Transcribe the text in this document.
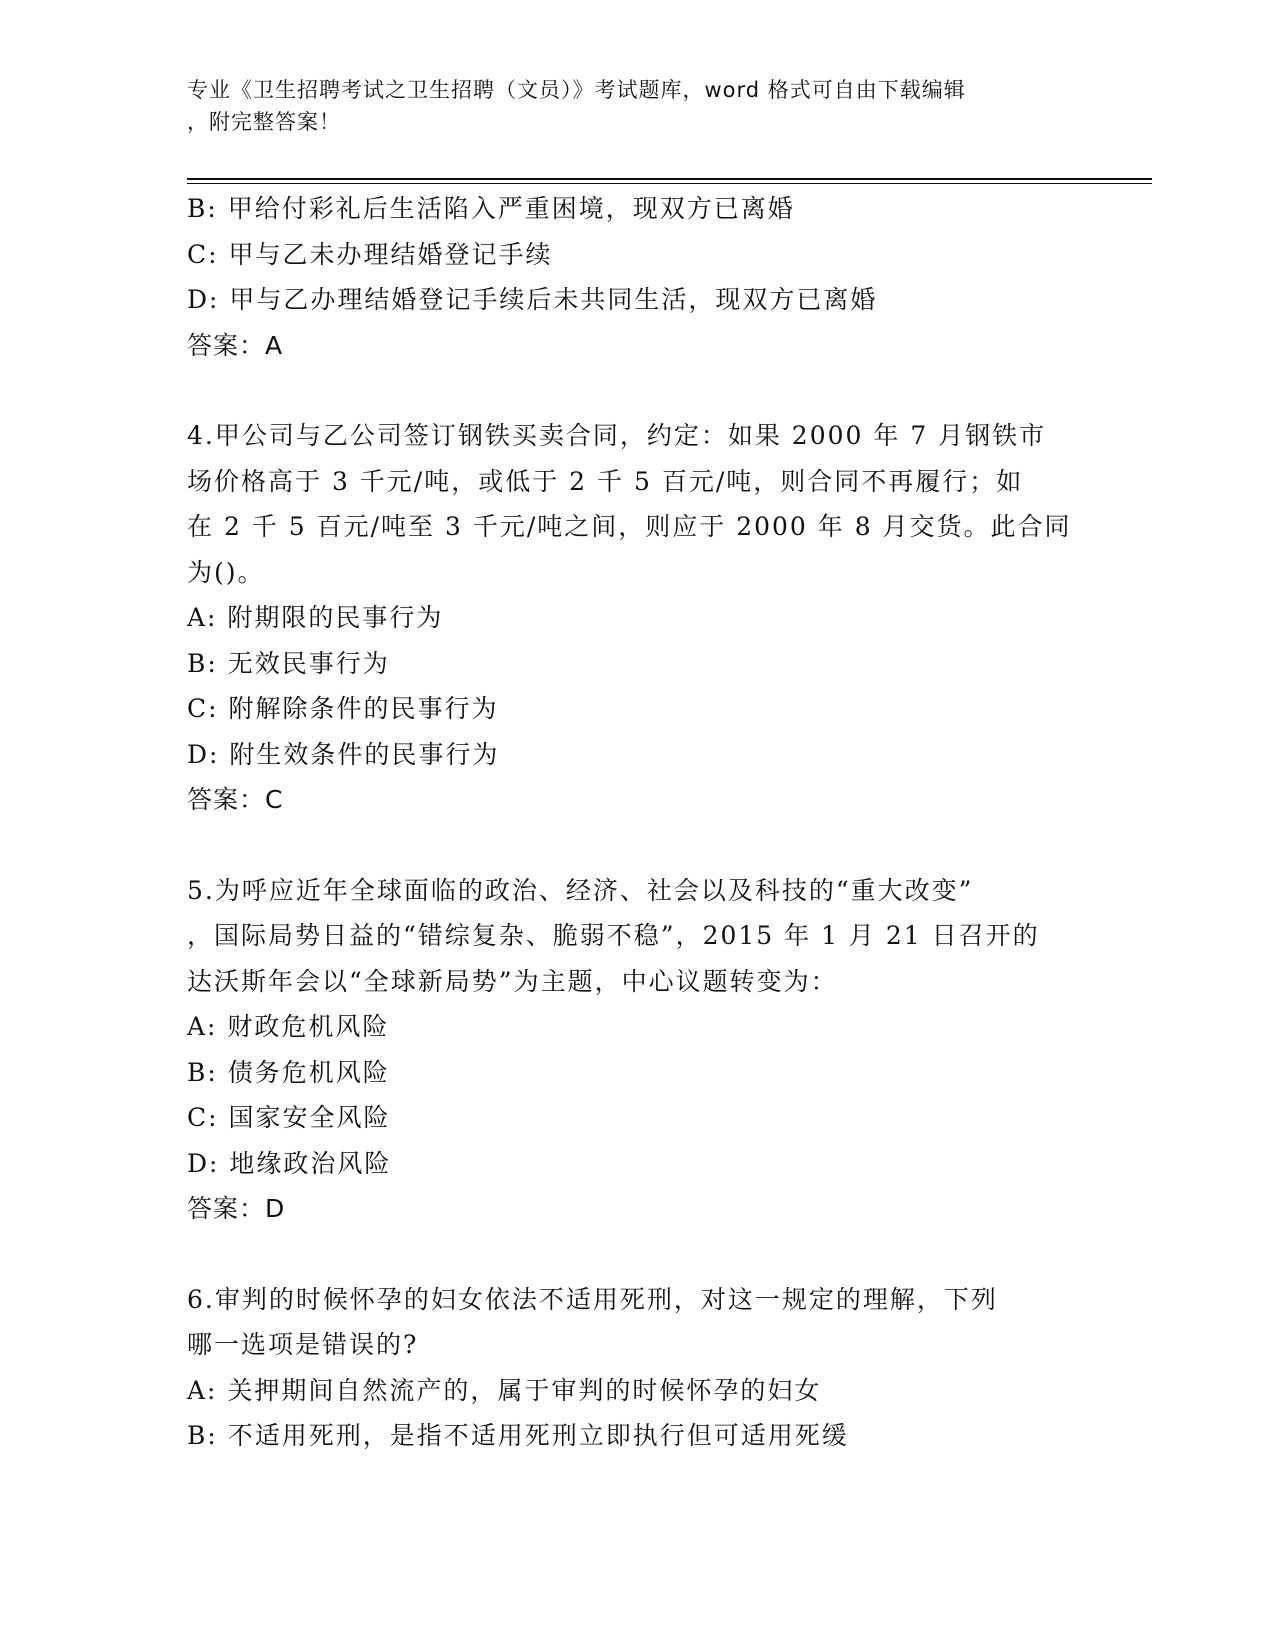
专业《卫生招聘考试之卫生招聘（文员）》考试题库，word 格式可自由下载编辑
，附完整答案！
B: 甲给付彩礼后生活陷入严重困境，现双方已离婚
C: 甲与乙未办理结婚登记手续
D: 甲与乙办理结婚登记手续后未共同生活，现双方已离婚
答案：A
4.甲公司与乙公司签订钢铁买卖合同，约定：如果 2000 年 7 月钢铁市
场价格高于 3 千元/吨，或低于 2 千 5 百元/吨，则合同不再履行；如
在 2 千 5 百元/吨至 3 千元/吨之间，则应于 2000 年 8 月交货。此合同
为()。
A: 附期限的民事行为
B: 无效民事行为
C: 附解除条件的民事行为
D: 附生效条件的民事行为
答案：C
5.为呼应近年全球面临的政治、经济、社会以及科技的“重大改变”
，国际局势日益的“错综复杂、脆弱不稳”，2015 年 1 月 21 日召开的
达沃斯年会以“全球新局势”为主题，中心议题转变为：
A: 财政危机风险
B: 债务危机风险
C: 国家安全风险
D: 地缘政治风险
答案：D
6.审判的时候怀孕的妇女依法不适用死刑，对这一规定的理解，下列
哪一选项是错误的?
A: 关押期间自然流产的，属于审判的时候怀孕的妇女
B: 不适用死刑，是指不适用死刑立即执行但可适用死缓
